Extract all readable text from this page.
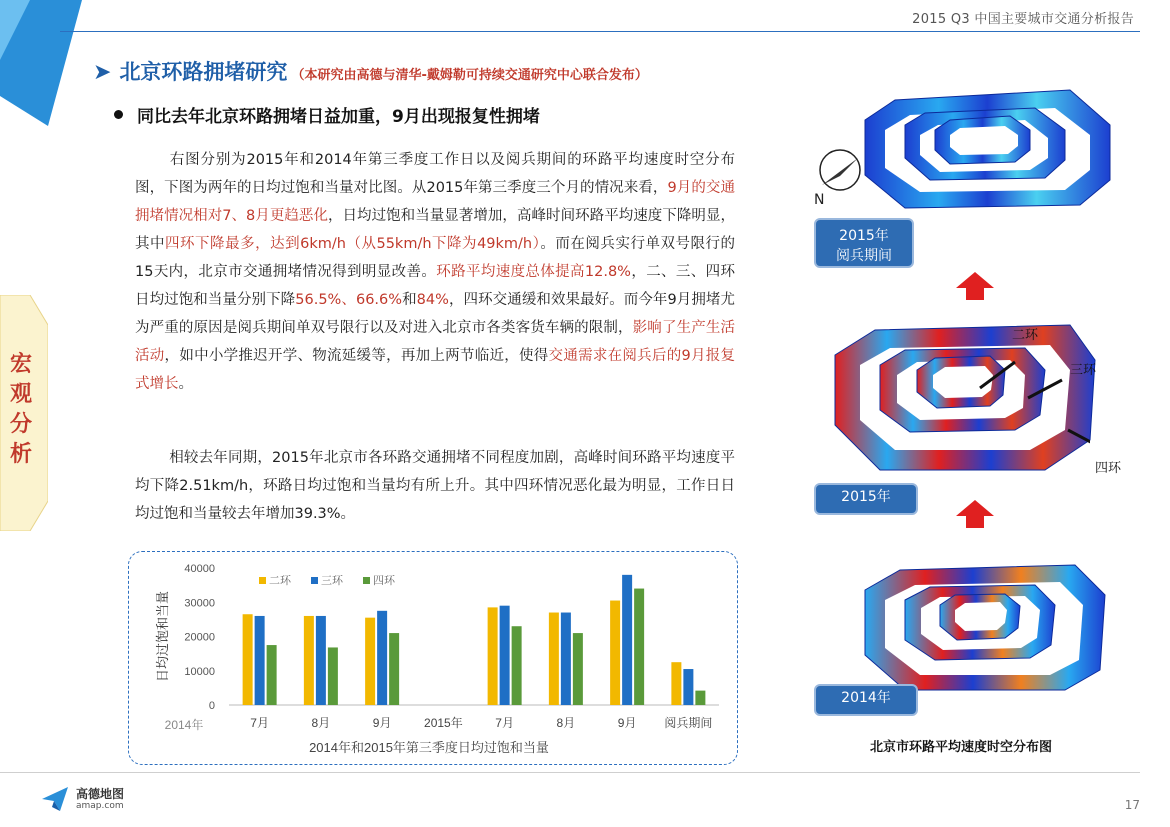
2015 Q3 中国主要城市交通分析报告
➤ 北京环路拥堵研究 （本研究由高德与清华-戴姆勒可持续交通研究中心联合发布）
同比去年北京环路拥堵日益加重，9月出现报复性拥堵
右图分别为2015年和2014年第三季度工作日以及阅兵期间的环路平均速度时空分布图，下图为两年的日均过饱和当量对比图。从2015年第三季度三个月的情况来看，9月的交通拥堵情况相对7、8月更趋恶化，日均过饱和当量显著增加，高峰时间环路平均速度下降明显，其中四环下降最多，达到6km/h（从55km/h下降为49km/h）。而在阅兵实行单双号限行的15天内，北京市交通拥堵情况得到明显改善。环路平均速度总体提高12.8%，二、三、四环日均过饱和当量分别下降56.5%、66.6%和84%，四环交通缓和效果最好。而今年9月拥堵尤为严重的原因是阅兵期间单双号限行以及对进入北京市各类客货车辆的限制，影响了生产生活活动，如中小学推迟开学、物流延缓等，再加上两节临近，使得交通需求在阅兵后的9月报复式增长。
相较去年同期，2015年北京市各环路交通拥堵不同程度加剧，高峰时间环路平均速度平均下降2.51km/h，环路日均过饱和当量均有所上升。其中四环情况恶化最为明显，工作日日均过饱和当量较去年增加39.3%。
宏观分析
0
10000
20000
30000
40000
日均过饱和当量
7月	8月	9月	2015年	7月	8月	9月 阅兵期间
2014年
二环	三环	四环
2014年和2015年第三季度日均过饱和当量
N
2015年
阅兵期间
二环
三环
四环
2015年
2014年
北京市环路平均速度时空分布图
高德地图
amap.com	17
